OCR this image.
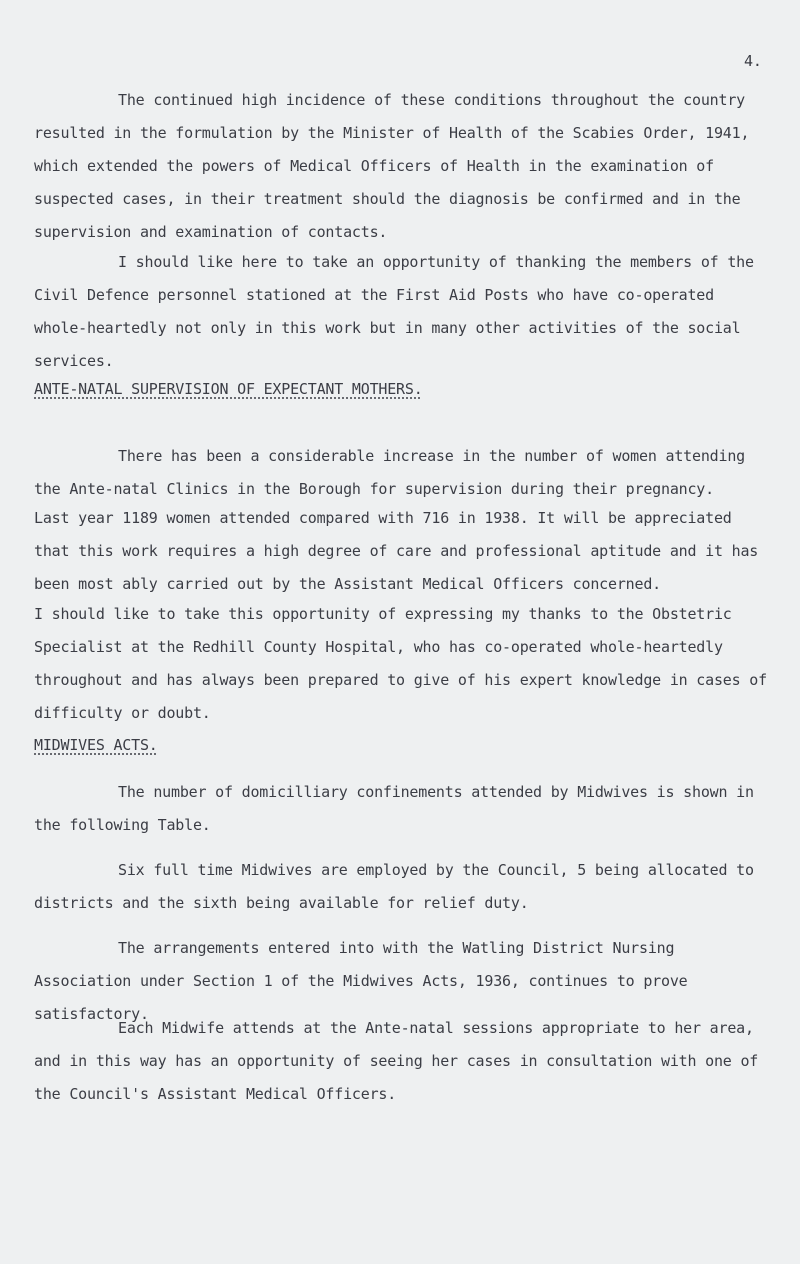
4.

The continued high incidence of these conditions throughout the country resulted in the formulation by the Minister of Health of the Scabies Order, 1941, which extended the powers of Medical Officers of Health in the examination of suspected cases, in their treatment should the diagnosis be confirmed and in the supervision and examination of contacts.

I should like here to take an opportunity of thanking the members of the Civil Defence personnel stationed at the First Aid Posts who have co-operated whole-heartedly not only in this work but in many other activities of the social services.

ANTE-NATAL SUPERVISION OF EXPECTANT MOTHERS.

There has been a considerable increase in the number of women attending the Ante-natal Clinics in the Borough for supervision during their pregnancy.

Last year 1189 women attended compared with 716 in 1938. It will be appreciated that this work requires a high degree of care and professional aptitude and it has been most ably carried out by the Assistant Medical Officers concerned.

I should like to take this opportunity of expressing my thanks to the Obstetric Specialist at the Redhill County Hospital, who has co-operated whole-heartedly throughout and has always been prepared to give of his expert knowledge in cases of difficulty or doubt.

MIDWIVES ACTS.

The number of domicilliary confinements attended by Midwives is shown in the following Table.

Six full time Midwives are employed by the Council, 5 being allocated to districts and the sixth being available for relief duty.

The arrangements entered into with the Watling District Nursing Association under Section 1 of the Midwives Acts, 1936, continues to prove satisfactory.

Each Midwife attends at the Ante-natal sessions appropriate to her area, and in this way has an opportunity of seeing her cases in consultation with one of the Council's Assistant Medical Officers.
